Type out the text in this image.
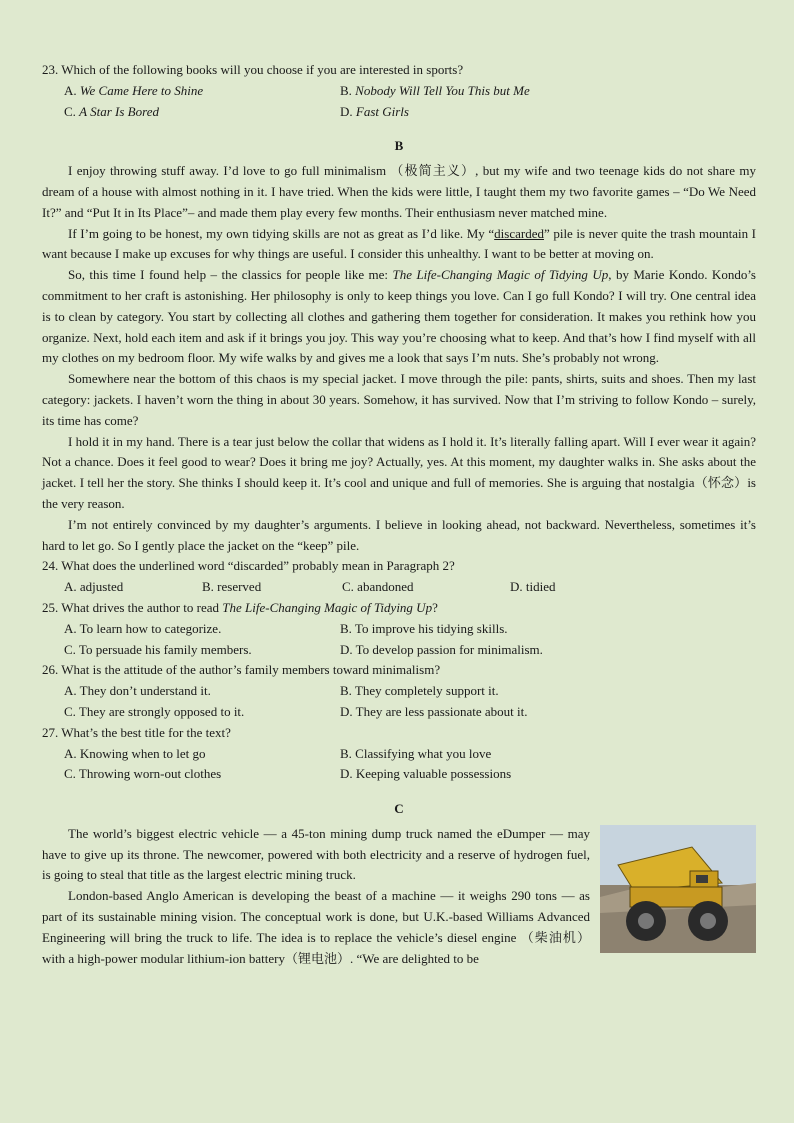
23. Which of the following books will you choose if you are interested in sports?

A. We Came Here to Shine	B. Nobody Will Tell You This but Me
C. A Star Is Bored	D. Fast Girls
B

I enjoy throwing stuff away. I’d love to go full minimalism （极简主义）, but my wife and two teenage kids do not share my dream of a house with almost nothing in it. I have tried. When the kids were little, I taught them my two favorite games – “Do We Need It?” and “Put It in Its Place”– and made them play every few months. Their enthusiasm never matched mine.

If I’m going to be honest, my own tidying skills are not as great as I’d like. My “discarded” pile is never quite the trash mountain I want because I make up excuses for why things are useful. I consider this unhealthy. I want to be better at moving on.

So, this time I found help – the classics for people like me: The Life-Changing Magic of Tidying Up, by Marie Kondo. Kondo’s commitment to her craft is astonishing. Her philosophy is only to keep things you love. Can I go full Kondo? I will try. One central idea is to clean by category. You start by collecting all clothes and gathering them together for consideration. It makes you rethink how you organize. Next, hold each item and ask if it brings you joy. This way you’re choosing what to keep. And that’s how I find myself with all my clothes on my bedroom floor. My wife walks by and gives me a look that says I’m nuts. She’s probably not wrong.

Somewhere near the bottom of this chaos is my special jacket. I move through the pile: pants, shirts, suits and shoes. Then my last category: jackets. I haven’t worn the thing in about 30 years. Somehow, it has survived. Now that I’m striving to follow Kondo – surely, its time has come?

I hold it in my hand. There is a tear just below the collar that widens as I hold it. It’s literally falling apart. Will I ever wear it again? Not a chance. Does it feel good to wear? Does it bring me joy? Actually, yes. At this moment, my daughter walks in. She asks about the jacket. I tell her the story. She thinks I should keep it. It’s cool and unique and full of memories. She is arguing that nostalgia（怀念）is the very reason.

I’m not entirely convinced by my daughter’s arguments. I believe in looking ahead, not backward. Nevertheless, sometimes it’s hard to let go. So I gently place the jacket on the “keep” pile.

24. What does the underlined word “discarded” probably mean in Paragraph 2?

A. adjusted	B. reserved	C. abandoned	D. tidied

25. What drives the author to read The Life-Changing Magic of Tidying Up?

A. To learn how to categorize.	B. To improve his tidying skills.
C. To persuade his family members.	D. To develop passion for minimalism.

26. What is the attitude of the author’s family members toward minimalism?

A. They don’t understand it.	B. They completely support it.
C. They are strongly opposed to it.	D. They are less passionate about it.

27. What’s the best title for the text?

A. Knowing when to let go	B. Classifying what you love
C. Throwing worn-out clothes	D. Keeping valuable possessions
C

The world’s biggest electric vehicle — a 45-ton mining dump truck named the eDumper — may have to give up its throne. The newcomer, powered with both electricity and a reserve of hydrogen fuel, is going to steal that title as the largest electric mining truck.

London-based Anglo American is developing the beast of a machine — it weighs 290 tons — as part of its sustainable mining vision. The conceptual work is done, but U.K.-based Williams Advanced Engineering will bring the truck to life. The idea is to replace the vehicle’s diesel engine （柴油机）with a high-power modular lithium-ion battery（锂电池）. “We are delighted to be
